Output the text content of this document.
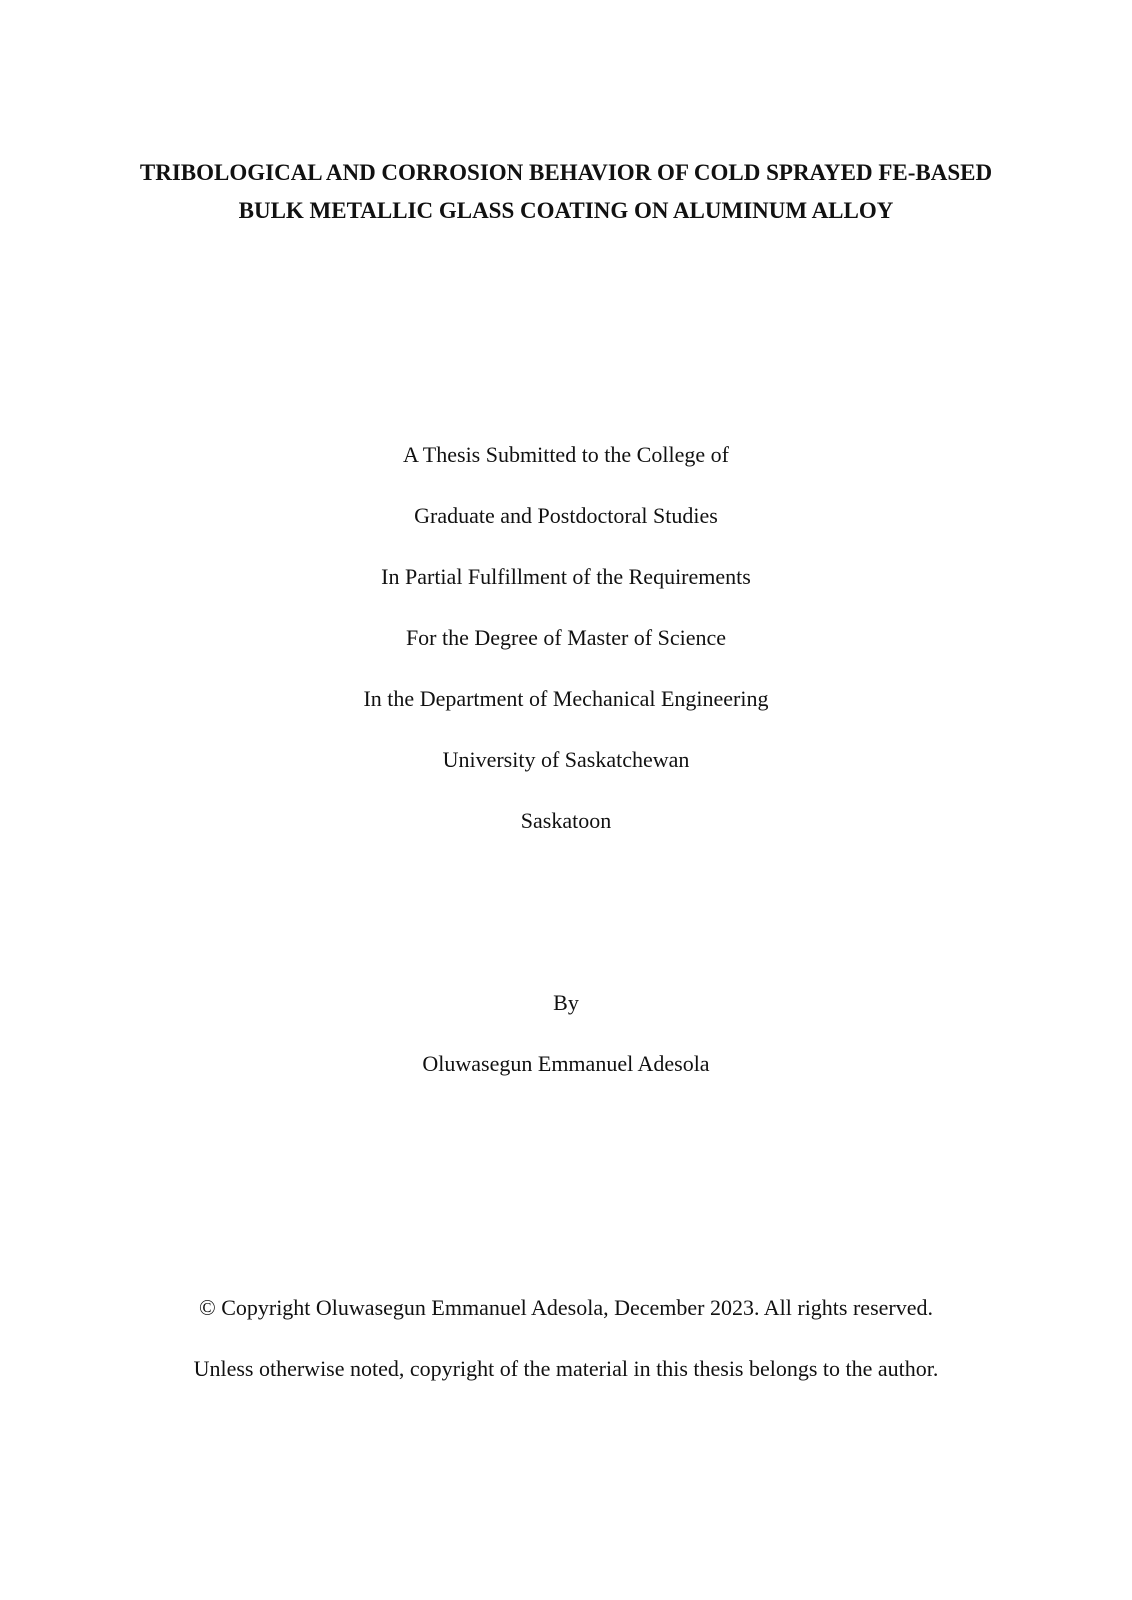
TRIBOLOGICAL AND CORROSION BEHAVIOR OF COLD SPRAYED FE-BASED
BULK METALLIC GLASS COATING ON ALUMINUM ALLOY
A Thesis Submitted to the College of
Graduate and Postdoctoral Studies
In Partial Fulfillment of the Requirements
For the Degree of Master of Science
In the Department of Mechanical Engineering
University of Saskatchewan
Saskatoon
By
Oluwasegun Emmanuel Adesola
© Copyright Oluwasegun Emmanuel Adesola, December 2023. All rights reserved.
Unless otherwise noted, copyright of the material in this thesis belongs to the author.
